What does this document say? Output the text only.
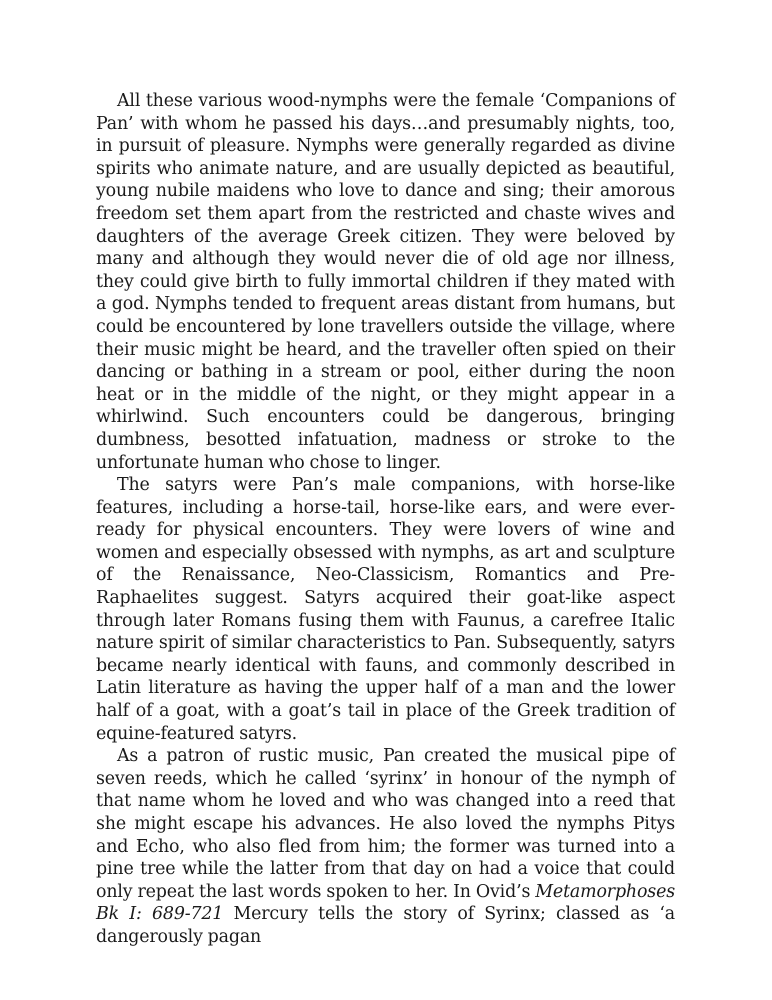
All these various wood-nymphs were the female ‘Companions of Pan’ with whom he passed his days…and presumably nights, too, in pursuit of pleasure. Nymphs were generally regarded as divine spirits who animate nature, and are usually depicted as beautiful, young nubile maidens who love to dance and sing; their amorous freedom set them apart from the restricted and chaste wives and daughters of the average Greek citizen. They were beloved by many and although they would never die of old age nor illness, they could give birth to fully immortal children if they mated with a god. Nymphs tended to frequent areas distant from humans, but could be encountered by lone travellers outside the village, where their music might be heard, and the traveller often spied on their dancing or bathing in a stream or pool, either during the noon heat or in the middle of the night, or they might appear in a whirlwind. Such encounters could be dangerous, bringing dumbness, besotted infatuation, madness or stroke to the unfortunate human who chose to linger.

The satyrs were Pan’s male companions, with horse-like features, including a horse-tail, horse-like ears, and were ever-ready for physical encounters. They were lovers of wine and women and especially obsessed with nymphs, as art and sculpture of the Renaissance, Neo-Classicism, Romantics and Pre-Raphaelites suggest. Satyrs acquired their goat-like aspect through later Romans fusing them with Faunus, a carefree Italic nature spirit of similar characteristics to Pan. Subsequently, satyrs became nearly identical with fauns, and commonly described in Latin literature as having the upper half of a man and the lower half of a goat, with a goat’s tail in place of the Greek tradition of equine-featured satyrs.

As a patron of rustic music, Pan created the musical pipe of seven reeds, which he called ‘syrinx’ in honour of the nymph of that name whom he loved and who was changed into a reed that she might escape his advances. He also loved the nymphs Pitys and Echo, who also fled from him; the former was turned into a pine tree while the latter from that day on had a voice that could only repeat the last words spoken to her. In Ovid’s Metamorphoses Bk I: 689-721 Mercury tells the story of Syrinx; classed as ‘a dangerously pagan
